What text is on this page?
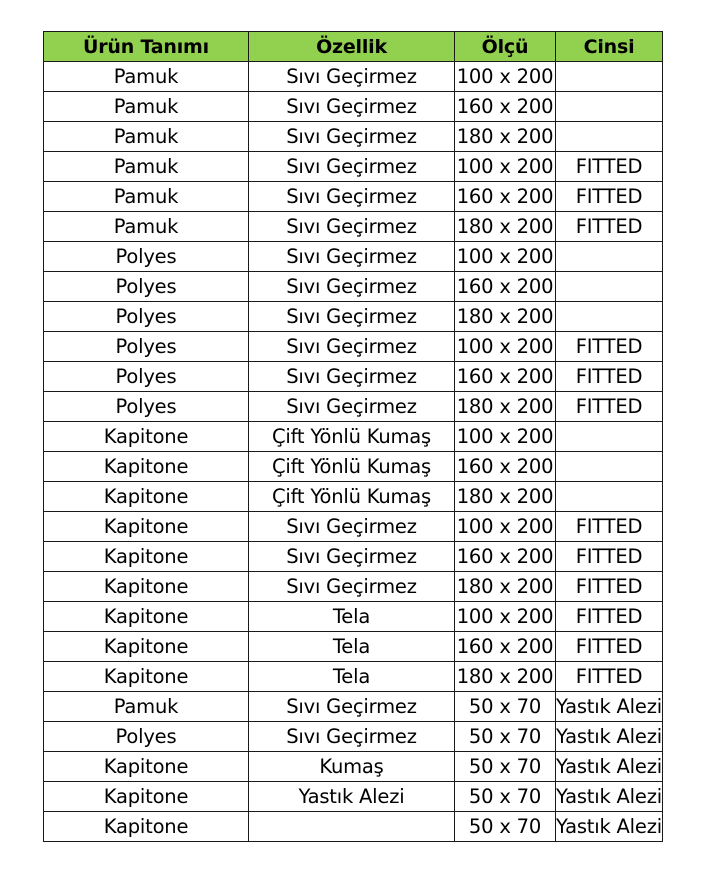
Ürün Tanımı	Özellik	Ölçü	Cinsi
Pamuk	Sıvı Geçirmez	100 x 200	
Pamuk	Sıvı Geçirmez	160 x 200	
Pamuk	Sıvı Geçirmez	180 x 200	
Pamuk	Sıvı Geçirmez	100 x 200	FITTED
Pamuk	Sıvı Geçirmez	160 x 200	FITTED
Pamuk	Sıvı Geçirmez	180 x 200	FITTED
Polyes	Sıvı Geçirmez	100 x 200	
Polyes	Sıvı Geçirmez	160 x 200	
Polyes	Sıvı Geçirmez	180 x 200	
Polyes	Sıvı Geçirmez	100 x 200	FITTED
Polyes	Sıvı Geçirmez	160 x 200	FITTED
Polyes	Sıvı Geçirmez	180 x 200	FITTED
Kapitone	Çift Yönlü Kumaş	100 x 200	
Kapitone	Çift Yönlü Kumaş	160 x 200	
Kapitone	Çift Yönlü Kumaş	180 x 200	
Kapitone	Sıvı Geçirmez	100 x 200	FITTED
Kapitone	Sıvı Geçirmez	160 x 200	FITTED
Kapitone	Sıvı Geçirmez	180 x 200	FITTED
Kapitone	Tela	100 x 200	FITTED
Kapitone	Tela	160 x 200	FITTED
Kapitone	Tela	180 x 200	FITTED
Pamuk	Sıvı Geçirmez	50 x 70	Yastık Alezi
Polyes	Sıvı Geçirmez	50 x 70	Yastık Alezi
Kapitone	Kumaş	50 x 70	Yastık Alezi
Kapitone	Yastık Alezi	50 x 70	Yastık Alezi
Kapitone		50 x 70	Yastık Alezi
